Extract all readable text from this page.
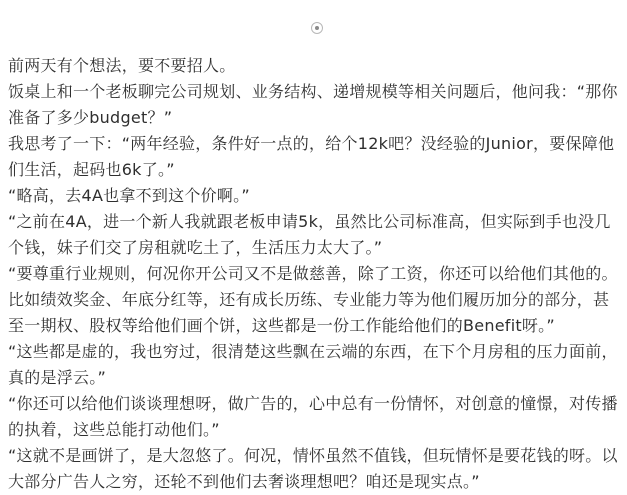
前两天有个想法，要不要招人。

饭桌上和一个老板聊完公司规划、业务结构、递增规模等相关问题后，他问我：“那你准备了多少budget？”

我思考了一下：“两年经验，条件好一点的，给个12k吧？没经验的Junior，要保障他们生活，起码也6k了。”

“略高，去4A也拿不到这个价啊。”

“之前在4A，进一个新人我就跟老板申请5k，虽然比公司标准高，但实际到手也没几个钱，妹子们交了房租就吃土了，生活压力太大了。”

“要尊重行业规则，何况你开公司又不是做慈善，除了工资，你还可以给他们其他的。比如绩效奖金、年底分红等，还有成长历练、专业能力等为他们履历加分的部分，甚至一期权、股权等给他们画个饼，这些都是一份工作能给他们的Benefit呀。”

“这些都是虚的，我也穷过，很清楚这些飘在云端的东西，在下个月房租的压力面前，真的是浮云。”

“你还可以给他们谈谈理想呀，做广告的，心中总有一份情怀，对创意的憧憬，对传播的执着，这些总能打动他们。”

“这就不是画饼了，是大忽悠了。何况，情怀虽然不值钱，但玩情怀是要花钱的呀。以大部分广告人之穷，还轮不到他们去奢谈理想吧？咱还是现实点。”
